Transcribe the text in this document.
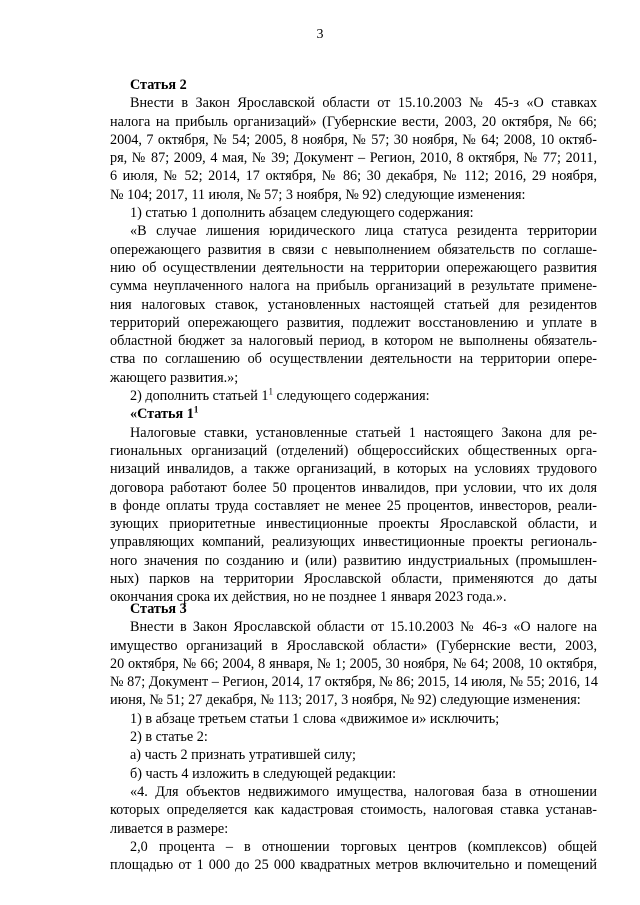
3
Статья 2
Внести в Закон Ярославской области от 15.10.2003 № 45-з «О ставках
налога на прибыль организаций» (Губернские вести, 2003, 20 октября, № 66;
2004, 7 октября, № 54; 2005, 8 ноября, № 57; 30 ноября, № 64; 2008, 10 октяб-
ря, № 87; 2009, 4 мая, № 39; Документ – Регион, 2010, 8 октября, № 77; 2011,
6 июля, № 52; 2014, 17 октября, № 86; 30 декабря, № 112; 2016, 29 ноября,
№ 104; 2017, 11 июля, № 57; 3 ноября, № 92) следующие изменения:
1) статью 1 дополнить абзацем следующего содержания:
«В случае лишения юридического лица статуса резидента территории
опережающего развития в связи с невыполнением обязательств по соглаше-
нию об осуществлении деятельности на территории опережающего развития
сумма неуплаченного налога на прибыль организаций в результате примене-
ния налоговых ставок, установленных настоящей статьей для резидентов
территорий опережающего развития, подлежит восстановлению и уплате в
областной бюджет за налоговый период, в котором не выполнены обязатель-
ства по соглашению об осуществлении деятельности на территории опере-
жающего развития.»;
2) дополнить статьей $1^1$ следующего содержания:
«Статья $1^1$
Налоговые ставки, установленные статьей 1 настоящего Закона для ре-
гиональных организаций (отделений) общероссийских общественных орга-
низаций инвалидов, а также организаций, в которых на условиях трудового
договора работают более 50 процентов инвалидов, при условии, что их доля
в фонде оплаты труда составляет не менее 25 процентов, инвесторов, реали-
зующих приоритетные инвестиционные проекты Ярославской области, и
управляющих компаний, реализующих инвестиционные проекты региональ-
ного значения по созданию и (или) развитию индустриальных (промышлен-
ных) парков на территории Ярославской области, применяются до даты
окончания срока их действия, но не позднее 1 января 2023 года.».
Статья 3
Внести в Закон Ярославской области от 15.10.2003 № 46-з «О налоге на
имущество организаций в Ярославской области» (Губернские вести, 2003,
20 октября, № 66; 2004, 8 января, № 1; 2005, 30 ноября, № 64; 2008, 10 октября,
№ 87; Документ – Регион, 2014, 17 октября, № 86; 2015, 14 июля, № 55; 2016, 14
июня, № 51; 27 декабря, № 113; 2017, 3 ноября, № 92) следующие изменения:
1) в абзаце третьем статьи 1 слова «движимое и» исключить;
2) в статье 2:
а) часть 2 признать утратившей силу;
б) часть 4 изложить в следующей редакции:
«4. Для объектов недвижимого имущества, налоговая база в отношении
которых определяется как кадастровая стоимость, налоговая ставка устанав-
ливается в размере:
2,0 процента – в отношении торговых центров (комплексов) общей
площадью от 1 000 до 25 000 квадратных метров включительно и помещений
